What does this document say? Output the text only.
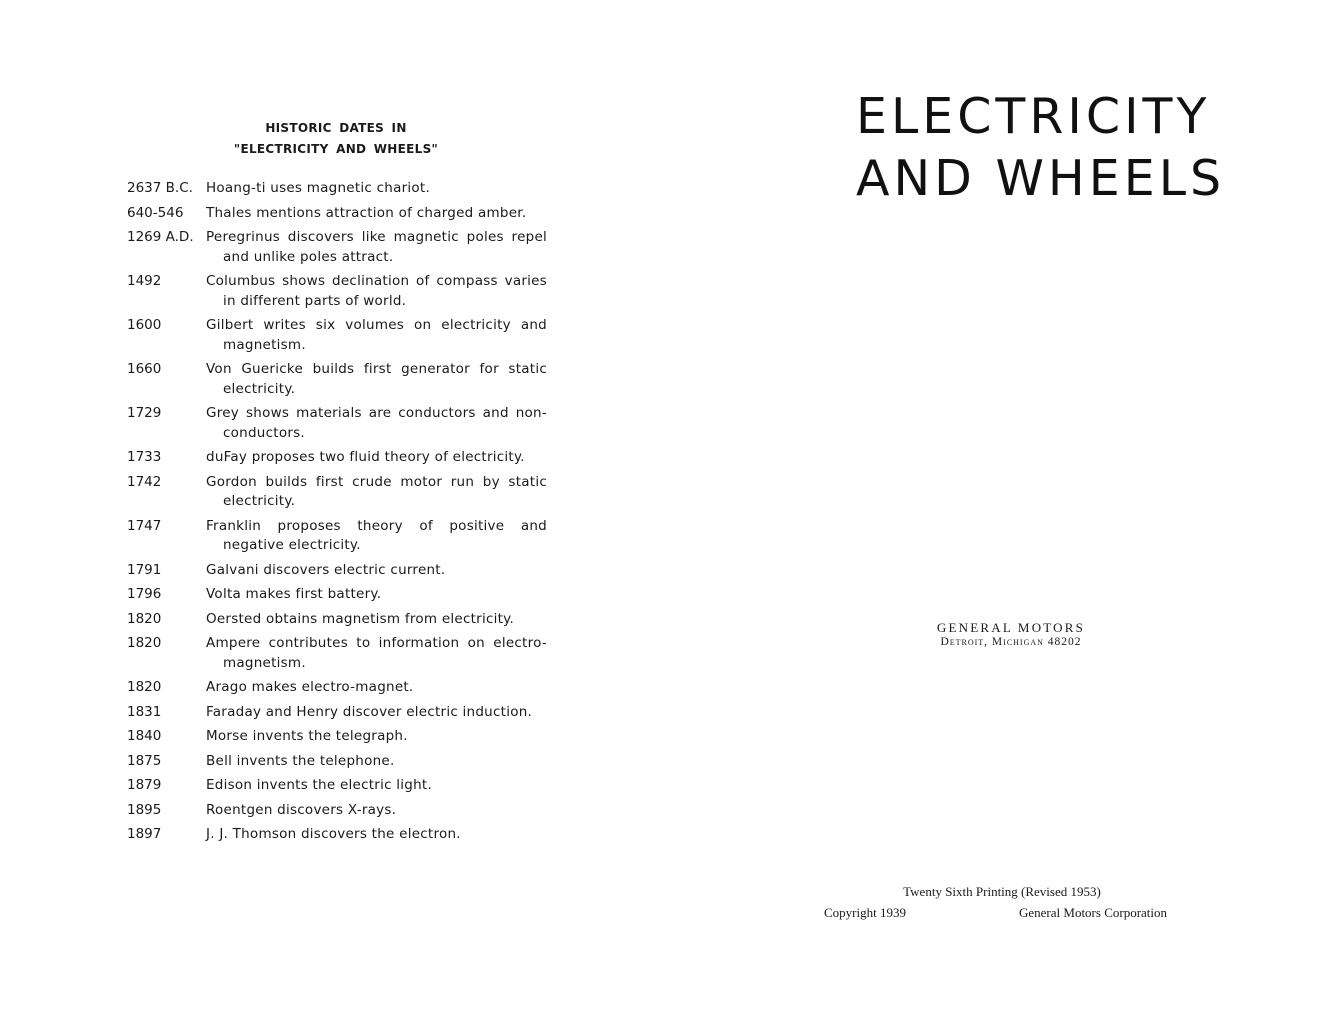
HISTORIC DATES IN
"ELECTRICITY AND WHEELS"
2637 B.C. Hoang-ti uses magnetic chariot.
640-546	Thales mentions attraction of charged amber.
1269 A.D. Peregrinus discovers like magnetic poles repel and unlike poles attract.
1492	Columbus shows declination of compass varies in different parts of world.
1600	Gilbert writes six volumes on electricity and magnetism.
1660	Von Guericke builds first generator for static electricity.
1729	Grey shows materials are conductors and non-conductors.
1733	duFay proposes two fluid theory of electricity.
1742	Gordon builds first crude motor run by static electricity.
1747	Franklin proposes theory of positive and negative electricity.
1791	Galvani discovers electric current.
1796	Volta makes first battery.
1820	Oersted obtains magnetism from electricity.
1820	Ampere contributes to information on electro-magnetism.
1820	Arago makes electro-magnet.
1831	Faraday and Henry discover electric induction.
1840	Morse invents the telegraph.
1875	Bell invents the telephone.
1879	Edison invents the electric light.
1895	Roentgen discovers X-rays.
1897	J. J. Thomson discovers the electron.
ELECTRICITY
AND WHEELS
GENERAL MOTORS
Detroit, Michigan 48202
Twenty Sixth Printing (Revised 1953)
Copyright 1939	General Motors Corporation
